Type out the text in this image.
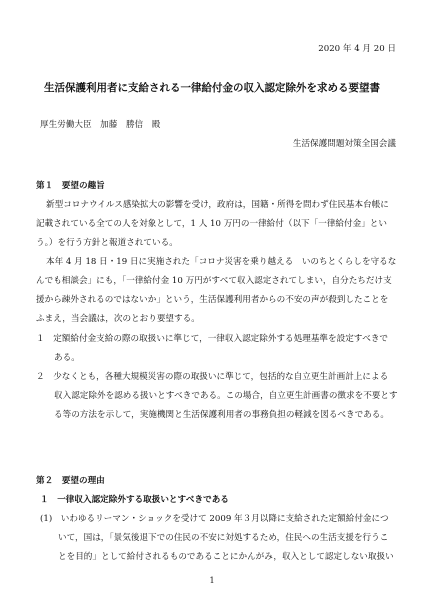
2020 年 4 月 20 日
生活保護利用者に支給される一律給付金の収入認定除外を求める要望書
厚生労働大臣　加藤　勝信　殿
生活保護問題対策全国会議
第１　要望の趣旨
新型コロナウイルス感染拡大の影響を受け，政府は，国籍・所得を問わず住民基本台帳に
記載されている全ての人を対象として，1 人 10 万円の一律給付（以下「一律給付金」とい
う。）を行う方針と報道されている。
本年 4 月 18 日・19 日に実施された「コロナ災害を乗り越える　いのちとくらしを守るな
んでも相談会」にも，「一律給付金 10 万円がすべて収入認定されてしまい，自分たちだけ支
援から疎外されるのではないか」という，生活保護利用者からの不安の声が殺到したことを
ふまえ，当会議は，次のとおり要望する。
１　定額給付金支給の際の取扱いに準じて，一律収入認定除外する処理基準を設定すべきで
ある。
２　少なくとも，各種大規模災害の際の取扱いに準じて，包括的な自立更生計画計上による
収入認定除外を認める扱いとすべきである。この場合，自立更生計画書の徴求を不要とす
る等の方法を示して，実施機関と生活保護利用者の事務負担の軽減を図るべきである。
第２　要望の理由
１　一律収入認定除外する取扱いとすべきである
(1)　いわゆるリーマン・ショックを受けて 2009 年３月以降に支給された定額給付金につ
いて，国は，「景気後退下での住民の不安に対処するため，住民への生活支援を行うこ
とを目的」として給付されるものであることにかんがみ，収入として認定しない取扱い
1
